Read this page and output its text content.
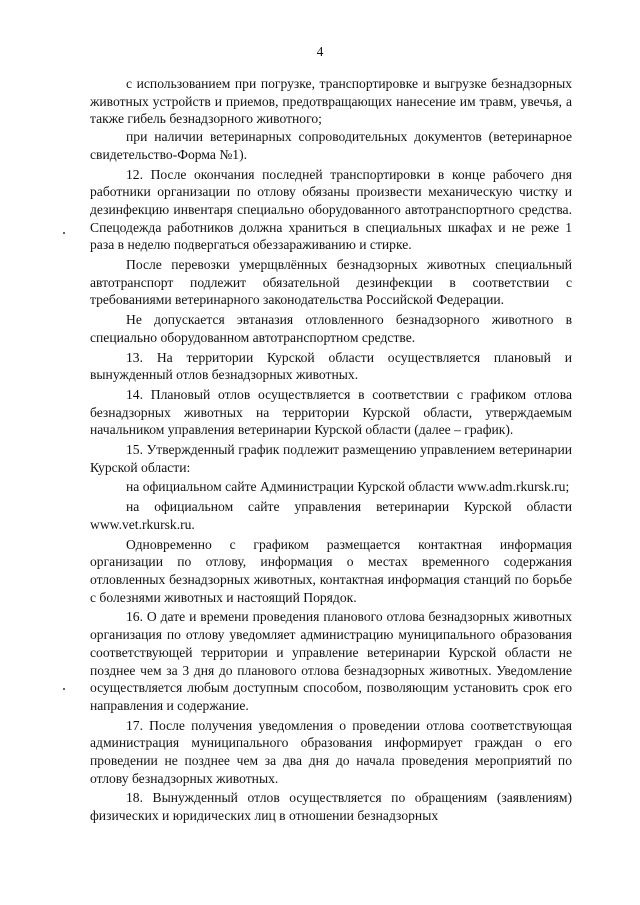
4

с использованием при погрузке, транспортировке и выгрузке безнадзорных животных устройств и приемов, предотвращающих нанесение им травм, увечья, а также гибель безнадзорного животного;

при наличии ветеринарных сопроводительных документов (ветеринарное свидетельство-Форма №1).

12. После окончания последней транспортировки в конце рабочего дня работники организации по отлову обязаны произвести механическую чистку и дезинфекцию инвентаря специально оборудованного автотранспортного средства. Спецодежда работников должна храниться в специальных шкафах и не реже 1 раза в неделю подвергаться обеззараживанию и стирке.

После перевозки умерщвлённых безнадзорных животных специальный автотранспорт подлежит обязательной дезинфекции в соответствии с требованиями ветеринарного законодательства Российской Федерации.

Не допускается эвтаназия отловленного безнадзорного животного в специально оборудованном автотранспортном средстве.

13. На территории Курской области осуществляется плановый и вынужденный отлов безнадзорных животных.

14. Плановый отлов осуществляется в соответствии с графиком отлова безнадзорных животных на территории Курской области, утверждаемым начальником управления ветеринарии Курской области (далее – график).

15. Утвержденный график подлежит размещению управлением ветеринарии Курской области:

на официальном сайте Администрации Курской области www.adm.rkursk.ru;

на официальном сайте управления ветеринарии Курской области www.vet.rkursk.ru.

Одновременно с графиком размещается контактная информация организации по отлову, информация о местах временного содержания отловленных безнадзорных животных, контактная информация станций по борьбе с болезнями животных и настоящий Порядок.

16. О дате и времени проведения планового отлова безнадзорных животных организация по отлову уведомляет администрацию муниципального образования соответствующей территории и управление ветеринарии Курской области не позднее чем за 3 дня до планового отлова безнадзорных животных. Уведомление осуществляется любым доступным способом, позволяющим установить срок его направления и содержание.

17. После получения уведомления о проведении отлова соответствующая администрация муниципального образования информирует граждан о его проведении не позднее чем за два дня до начала проведения мероприятий по отлову безнадзорных животных.

18. Вынужденный отлов осуществляется по обращениям (заявлениям) физических и юридических лиц в отношении безнадзорных
